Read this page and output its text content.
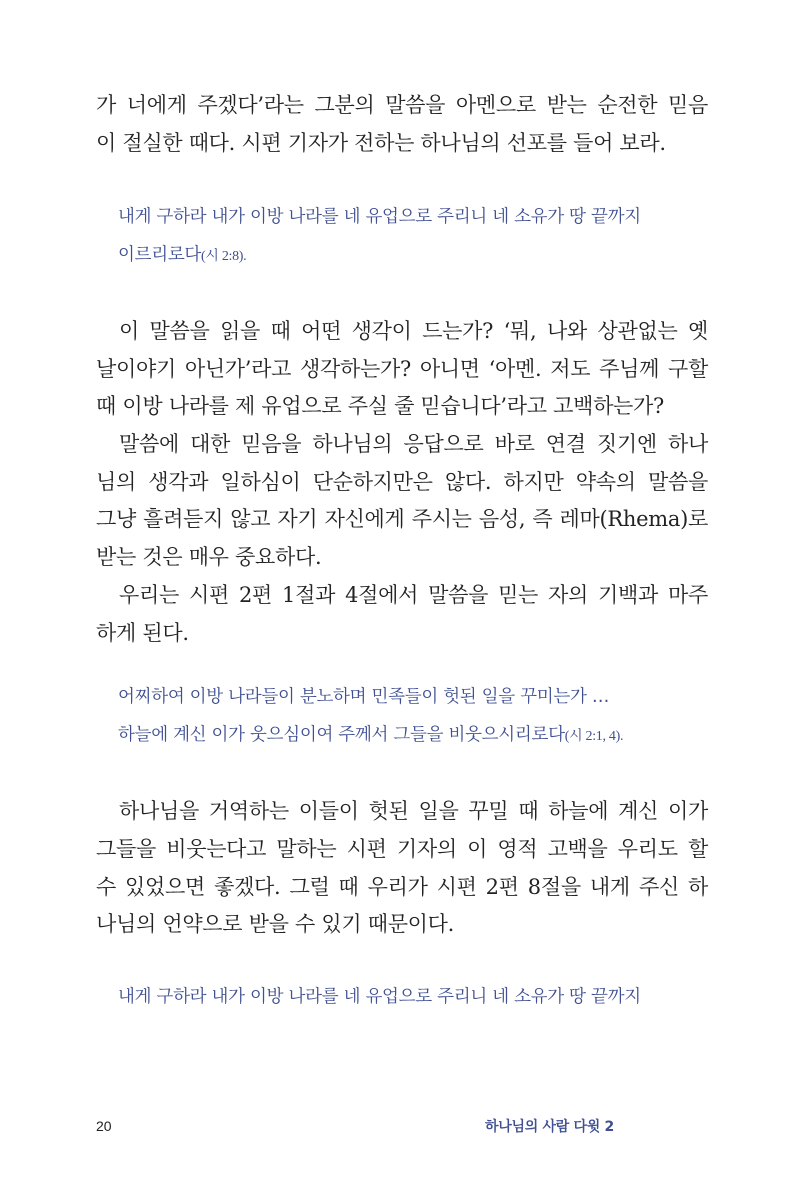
가 너에게 주겠다’라는 그분의 말씀을 아멘으로 받는 순전한 믿음
이 절실한 때다. 시편 기자가 전하는 하나님의 선포를 들어 보라.
내게 구하라 내가 이방 나라를 네 유업으로 주리니 네 소유가 땅 끝까지
이르리로다(시 2:8).
이 말씀을 읽을 때 어떤 생각이 드는가? ‘뭐, 나와 상관없는 옛
날이야기 아닌가’라고 생각하는가? 아니면 ‘아멘. 저도 주님께 구할
때 이방 나라를 제 유업으로 주실 줄 믿습니다’라고 고백하는가?
말씀에 대한 믿음을 하나님의 응답으로 바로 연결 짓기엔 하나
님의 생각과 일하심이 단순하지만은 않다. 하지만 약속의 말씀을
그냥 흘려듣지 않고 자기 자신에게 주시는 음성, 즉 레마(Rhema)로
받는 것은 매우 중요하다.
우리는 시편 2편 1절과 4절에서 말씀을 믿는 자의 기백과 마주
하게 된다.
어찌하여 이방 나라들이 분노하며 민족들이 헛된 일을 꾸미는가 …
하늘에 계신 이가 웃으심이여 주께서 그들을 비웃으시리로다(시 2:1, 4).
하나님을 거역하는 이들이 헛된 일을 꾸밀 때 하늘에 계신 이가
그들을 비웃는다고 말하는 시편 기자의 이 영적 고백을 우리도 할
수 있었으면 좋겠다. 그럴 때 우리가 시편 2편 8절을 내게 주신 하
나님의 언약으로 받을 수 있기 때문이다.
내게 구하라 내가 이방 나라를 네 유업으로 주리니 네 소유가 땅 끝까지
20	하나님의 사람 다윗 2
